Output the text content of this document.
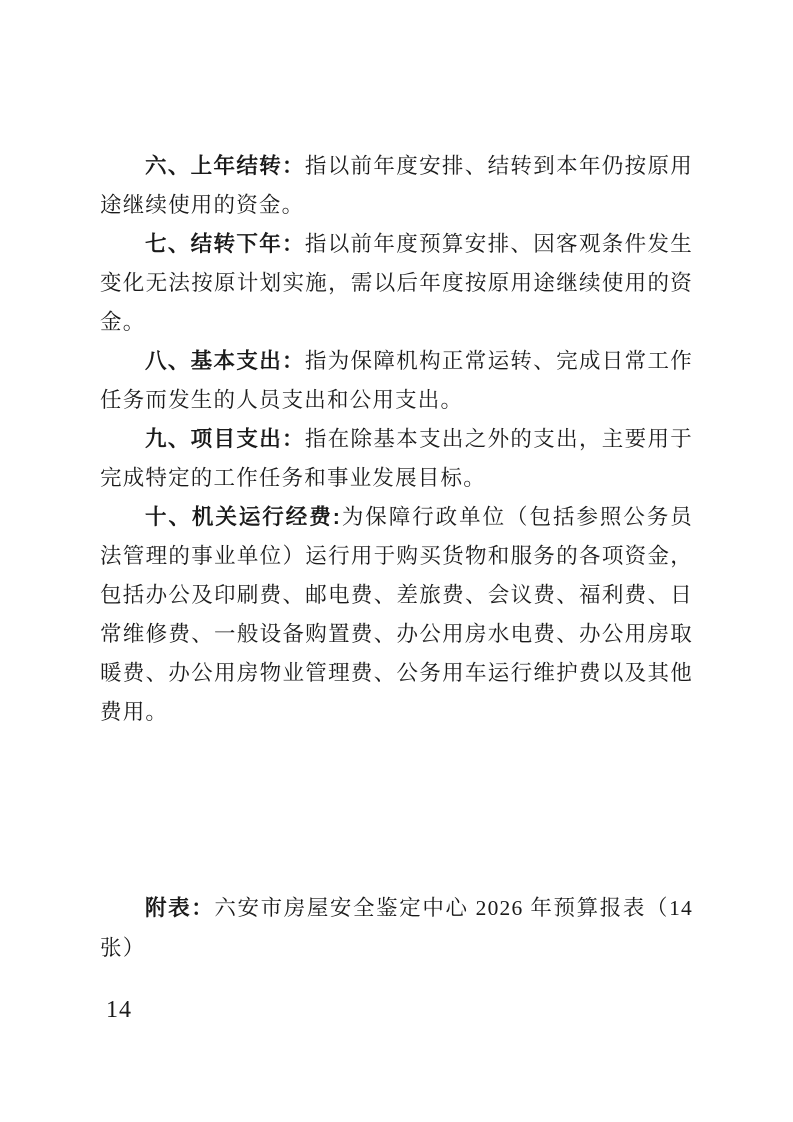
六、上年结转：指以前年度安排、结转到本年仍按原用途继续使用的资金。

七、结转下年：指以前年度预算安排、因客观条件发生变化无法按原计划实施，需以后年度按原用途继续使用的资金。

八、基本支出：指为保障机构正常运转、完成日常工作任务而发生的人员支出和公用支出。

九、项目支出：指在除基本支出之外的支出，主要用于完成特定的工作任务和事业发展目标。

十、机关运行经费:为保障行政单位（包括参照公务员法管理的事业单位）运行用于购买货物和服务的各项资金，包括办公及印刷费、邮电费、差旅费、会议费、福利费、日常维修费、一般设备购置费、办公用房水电费、办公用房取暖费、办公用房物业管理费、公务用车运行维护费以及其他费用。

附表：六安市房屋安全鉴定中心 2026 年预算报表（14 张）

14
